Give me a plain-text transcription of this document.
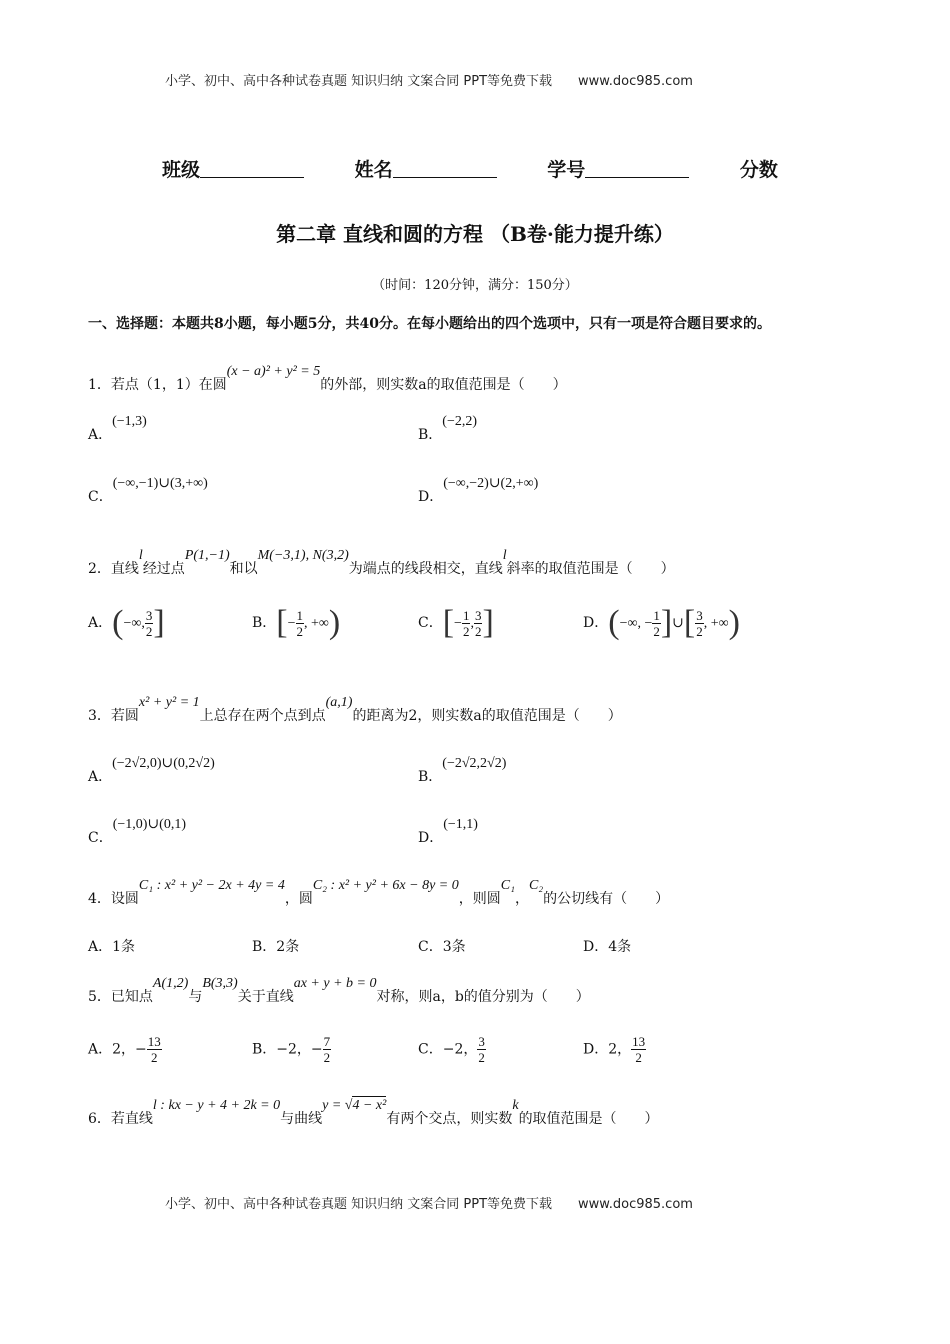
小学、初中、高中各种试卷真题 知识归纳 文案合同 PPT等免费下载 www.doc985.com
班级	姓名	学号	分数
第二章 直线和圆的方程 （B卷·能力提升练）
（时间：120分钟，满分：150分）
一、选择题：本题共8小题，每小题5分，共40分。在每小题给出的四个选项中，只有一项是符合题目要求的。
1．若点（1，1）在圆(x − a)² + y² = 5的外部，则实数a的取值范围是（　　）
A．(−1,3)
B．(−2,2)
C．(−∞,−1)∪(3,+∞)
D．(−∞,−2)∪(2,+∞)
2．直线l经过点P(1,−1)和以M(−3,1), N(3,2)为端点的线段相交，直线l斜率的取值范围是（　　）
A．(−∞, $\frac{3}{2}$ ]	B．[− $\frac{1}{2}$ , +∞)	C．[− $\frac{1}{2}$ , $\frac{3}{2}$ ]	D．(−∞, − $\frac{1}{2}$ ]∪[ $\frac{3}{2}$ , +∞)
3．若圆x² + y² = 1上总存在两个点到点(a,1)的距离为2，则实数a的取值范围是（　　）
A．(−2√2,0)∪(0,2√2)
B．(−2√2,2√2)
C．(−1,0)∪(0,1)
D．(−1,1)
4．设圆C₁ : x² + y² − 2x + 4y = 4，圆C₂ : x² + y² + 6x − 8y = 0，则圆C₁，C₂的公切线有（　　）
A．1条	B．2条	C．3条	D．4条
5．已知点A(1,2)与B(3,3)关于直线ax + y + b = 0对称，则a，b的值分别为（　　）
A．2，− $\frac{13}{2}$	B．−2，− $\frac{7}{2}$	C．−2， $\frac{3}{2}$	D．2， $\frac{13}{2}$
6．若直线l : kx − y + 4 + 2k = 0与曲线y = √4 − x²有两个交点，则实数k的取值范围是（　　）
小学、初中、高中各种试卷真题 知识归纳 文案合同 PPT等免费下载 www.doc985.com
